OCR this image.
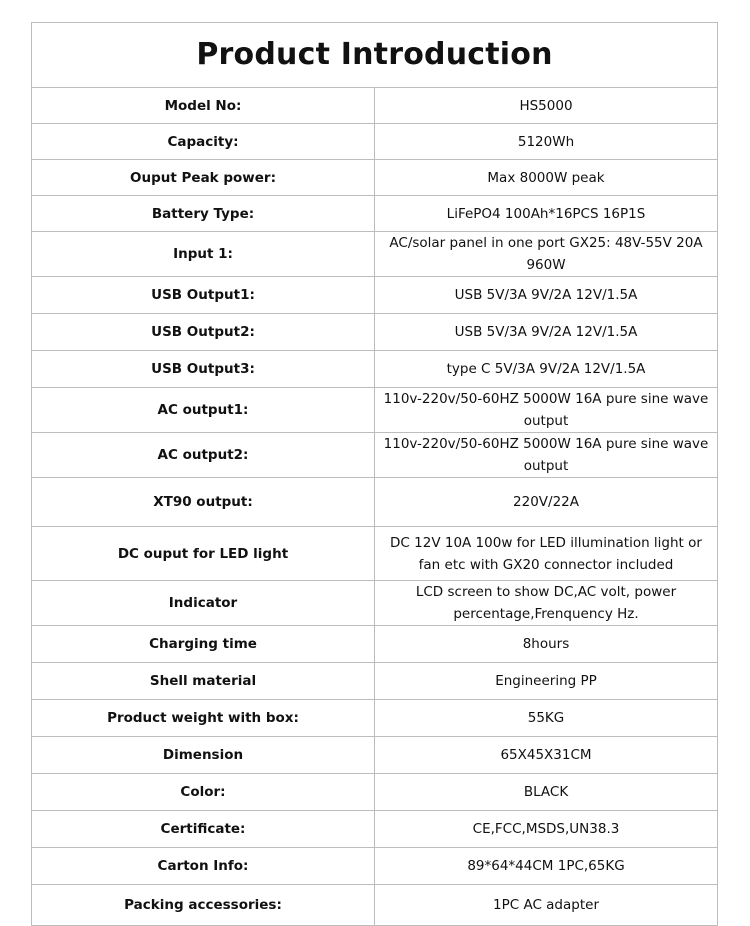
Product Introduction	
Model No:	HS5000
Capacity:	5120Wh
Ouput Peak power:	Max 8000W peak
Battery Type:	LiFePO4 100Ah*16PCS 16P1S
Input 1:	AC/solar panel in one port GX25: 48V-55V 20A 960W
USB Output1:	USB 5V/3A 9V/2A 12V/1.5A
USB Output2:	USB 5V/3A 9V/2A 12V/1.5A
USB Output3:	type C 5V/3A 9V/2A 12V/1.5A
AC output1:	110v-220v/50-60HZ 5000W 16A pure sine wave output
AC output2:	110v-220v/50-60HZ 5000W 16A pure sine wave output
XT90 output:	220V/22A
DC ouput for LED light	DC 12V 10A 100w for LED illumination light or fan etc with GX20 connector included
Indicator	LCD screen to show DC,AC volt, power percentage,Frenquency Hz.
Charging time	8hours
Shell material	Engineering PP
Product weight with box:	55KG
Dimension	65X45X31CM
Color:	BLACK
Certificate:	CE,FCC,MSDS,UN38.3
Carton Info:	89*64*44CM 1PC,65KG
Packing accessories:	1PC AC adapter
